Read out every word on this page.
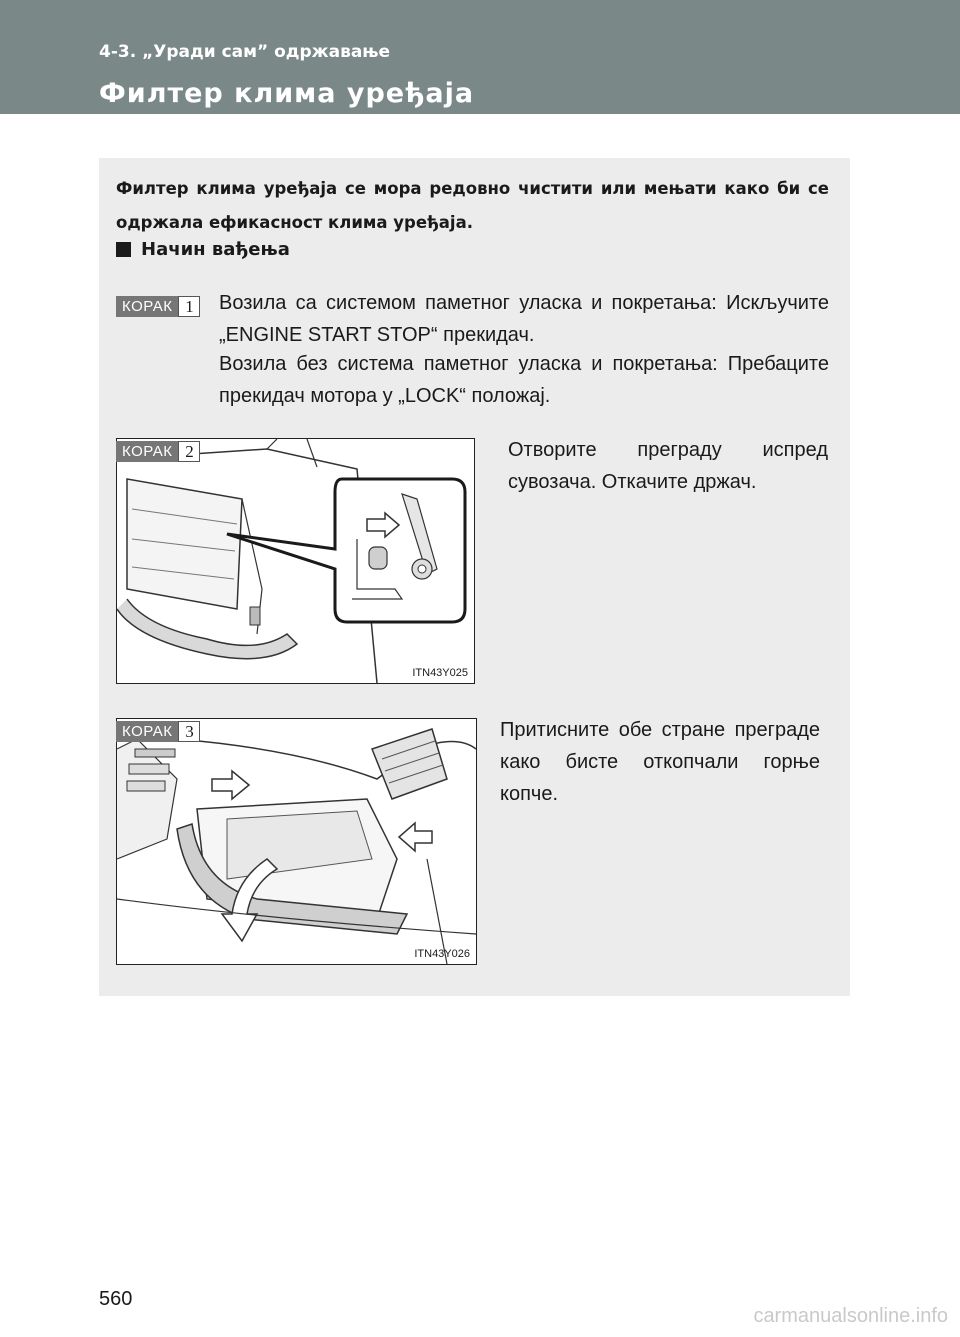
4-3. „Уради сам” одржавање
Филтер клима уређаја

Филтер клима уређаја се мора редовно чистити или мењати како би се одржала ефикасност клима уређаја.

Начин вађења
КОРАК 1	Возила са системом паметног уласка и покретања: Искључите „ENGINE START STOP“ прекидач.

Возила без система паметног уласка и покретања: Пребаците прекидач мотора у „LOCK“ положај.

ITN43Y025
КОРАК 2	Отворите преграду испред сувозача. Откачите држач.

ITN43Y026
КОРАК 3	Притисните обе стране преграде како бисте откопчали горње копче.

560
carmanualsonline.info
